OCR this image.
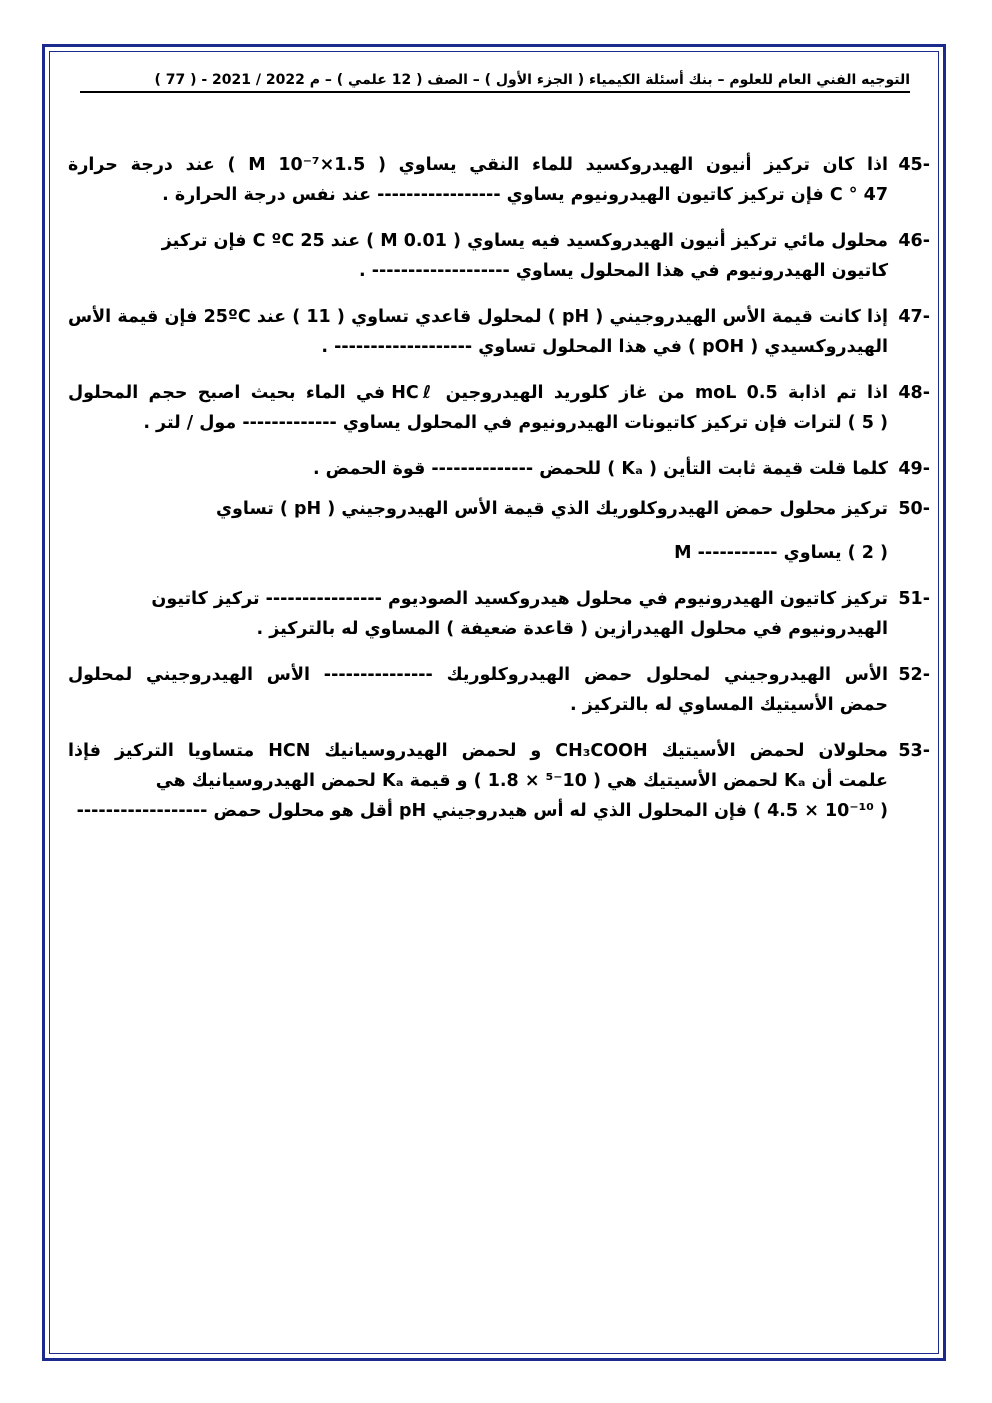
التوجيه الفني العام للعلوم – بنك أسئلة الكيمياء ( الجزء الأول ) – الصف ( 12 علمي ) – 2021 / 2022 م - ( 77 )
45-
اذا كان تركيز أنيون الهيدروكسيد للماء النقي يساوي ( M 10⁻⁷×1.5 ) عند درجة حرارة
C ° 47 فإن تركيز كاتيون الهيدرونيوم يساوي ----------------- عند نفس درجة الحرارة .
46-
محلول مائي تركيز أنيون الهيدروكسيد فيه يساوي ( M 0.01 ) عند C ºC 25 فإن تركيز
كاتيون الهيدرونيوم في هذا المحلول يساوي ------------------- .
47-
إذا كانت قيمة الأس الهيدروجيني ( pH ) لمحلول قاعدي تساوي ( 11 ) عند 25ºC فإن قيمة الأس
الهيدروكسيدي ( pOH ) في هذا المحلول تساوي ------------------- .
48-
اذا تم اذابة 0.5 moL من غاز كلوريد الهيدروجين HCℓ في الماء بحيث اصبح حجم المحلول
( 5 ) لترات فإن تركيز كاتيونات الهيدرونيوم في المحلول يساوي ------------- مول / لتر .
49-
كلما قلت قيمة ثابت التأين ( Kₐ ) للحمض -------------- قوة الحمض .
50-
تركيز محلول حمض الهيدروكلوريك الذي قيمة الأس الهيدروجيني ( pH ) تساوي
( 2 ) يساوي ----------- M
51-
تركيز كاتيون الهيدرونيوم في محلول هيدروكسيد الصوديوم ---------------- تركيز كاتيون
الهيدرونيوم في محلول الهيدرازين ( قاعدة ضعيفة ) المساوي له بالتركيز .
52-
الأس الهيدروجيني لمحلول حمض الهيدروكلوريك --------------- الأس الهيدروجيني لمحلول
حمض الأسيتيك المساوي له بالتركيز .
53-
محلولان لحمض الأسيتيك CH₃COOH و لحمض الهيدروسيانيك HCN متساويا التركيز فإذا
علمت أن Kₐ لحمض الأسيتيك هي ( 10⁻⁵ × 1.8 ) و قيمة Kₐ لحمض الهيدروسيانيك هي
( 10⁻¹⁰ × 4.5 ) فإن المحلول الذي له أس هيدروجيني pH أقل هو محلول حمض ------------------
